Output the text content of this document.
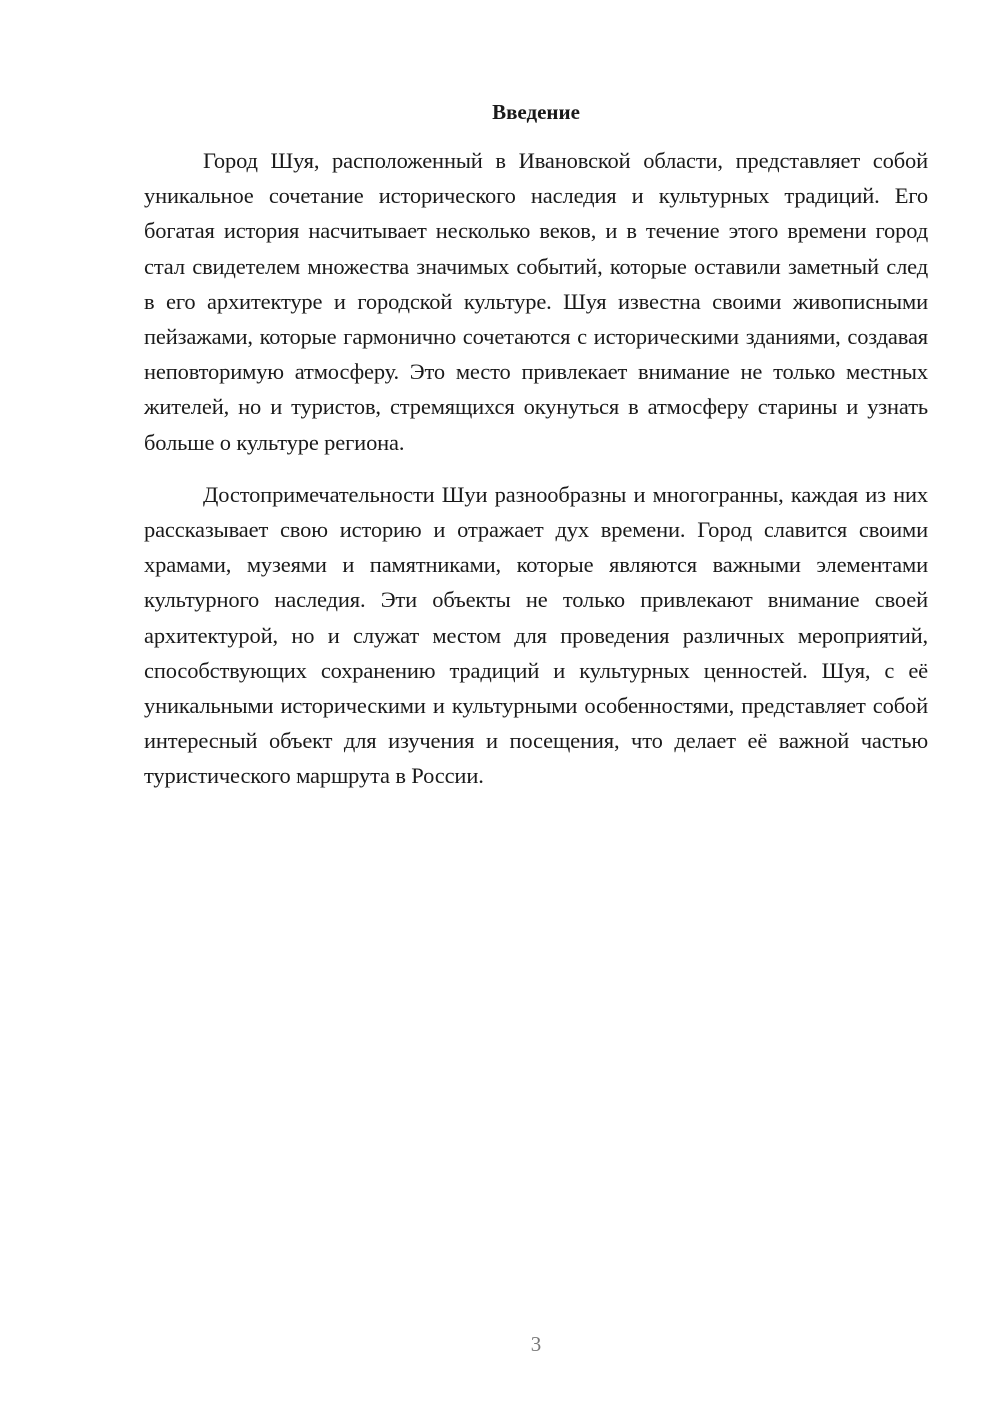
Введение

Город Шуя, расположенный в Ивановской области, представляет собой уникальное сочетание исторического наследия и культурных традиций. Его богатая история насчитывает несколько веков, и в течение этого времени город стал свидетелем множества значимых событий, которые оставили заметный след в его архитектуре и городской культуре. Шуя известна своими живописными пейзажами, которые гармонично сочетаются с историческими зданиями, создавая неповторимую атмосферу. Это место привлекает внимание не только местных жителей, но и туристов, стремящихся окунуться в атмосферу старины и узнать больше о культуре региона.

Достопримечательности Шуи разнообразны и многогранны, каждая из них рассказывает свою историю и отражает дух времени. Город славится своими храмами, музеями и памятниками, которые являются важными элементами культурного наследия. Эти объекты не только привлекают внимание своей архитектурой, но и служат местом для проведения различных мероприятий, способствующих сохранению традиций и культурных ценностей. Шуя, с её уникальными историческими и культурными особенностями, представляет собой интересный объект для изучения и посещения, что делает её важной частью туристического маршрута в России.

3
